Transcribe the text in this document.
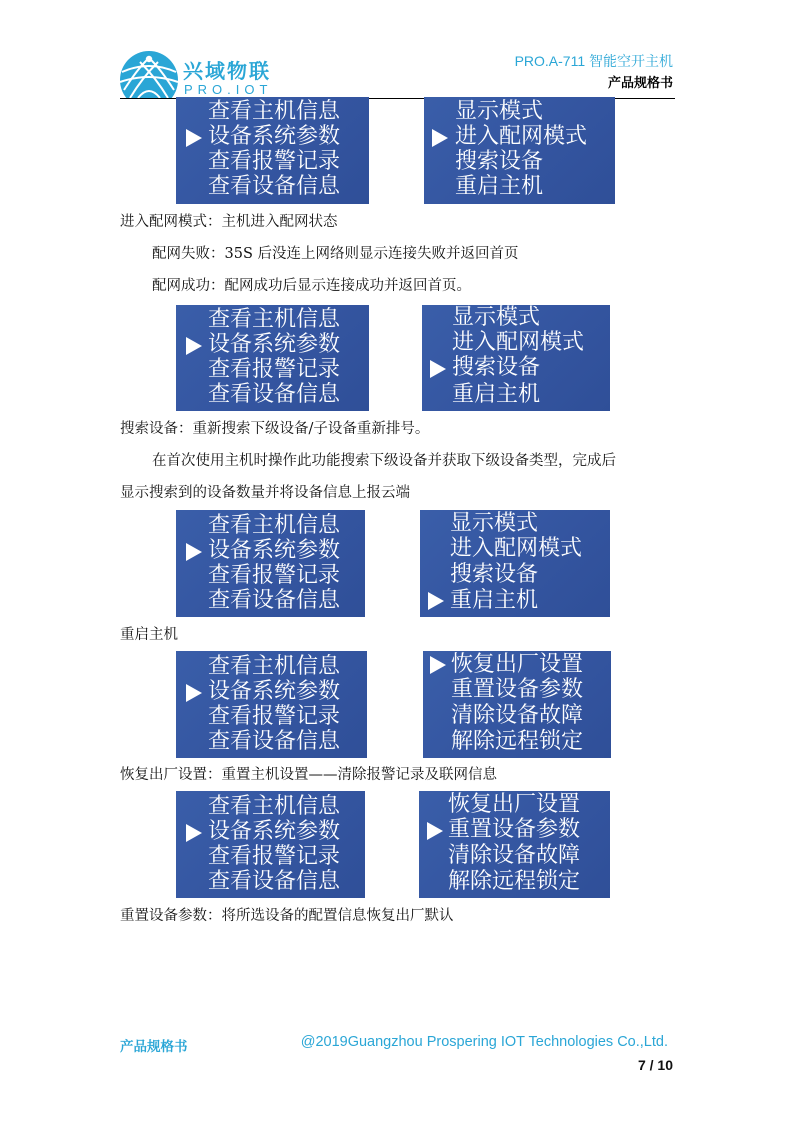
兴域物联
PRO.IOT
PRO.A-711 智能空开主机
产品规格书
查看主机信息
设备系统参数
查看报警记录
查看设备信息
显示模式
进入配网模式
搜索设备
重启主机
进入配网模式：主机进入配网状态
配网失败：35S 后没连上网络则显示连接失败并返回首页
配网成功：配网成功后显示连接成功并返回首页。
查看主机信息
设备系统参数
查看报警记录
查看设备信息
显示模式
进入配网模式
搜索设备
重启主机
搜索设备：重新搜索下级设备/子设备重新排号。
在首次使用主机时操作此功能搜索下级设备并获取下级设备类型，完成后
显示搜索到的设备数量并将设备信息上报云端
查看主机信息
设备系统参数
查看报警记录
查看设备信息
显示模式
进入配网模式
搜索设备
重启主机
重启主机
查看主机信息
设备系统参数
查看报警记录
查看设备信息
恢复出厂设置
重置设备参数
清除设备故障
解除远程锁定
恢复出厂设置：重置主机设置——清除报警记录及联网信息
查看主机信息
设备系统参数
查看报警记录
查看设备信息
恢复出厂设置
重置设备参数
清除设备故障
解除远程锁定
重置设备参数：将所选设备的配置信息恢复出厂默认
产品规格书	@2019Guangzhou Prospering IOT Technologies Co.,Ltd.
7 / 10
